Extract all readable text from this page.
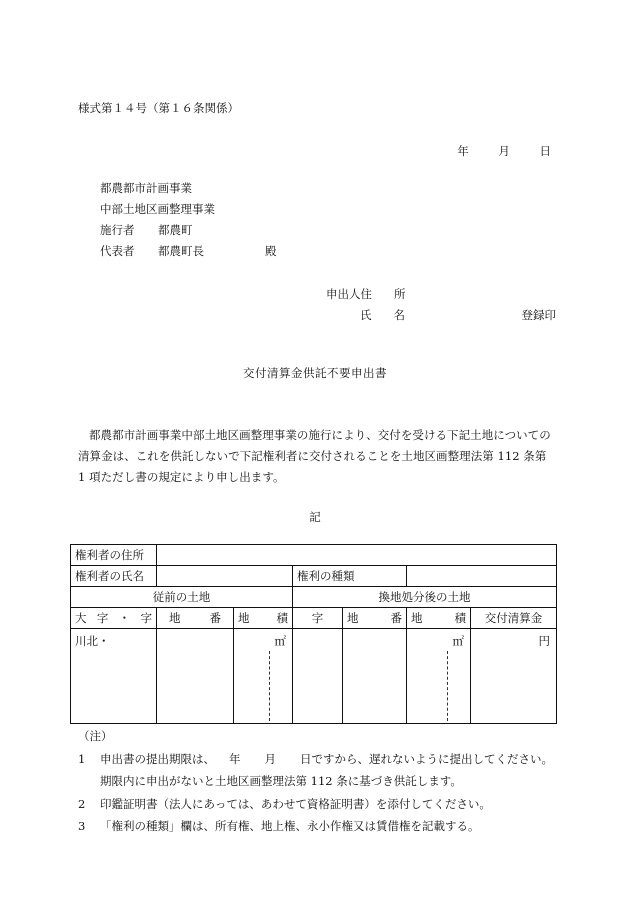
様式第１４号（第１６条関係）
年	月	日
都農都市計画事業
中部土地区画整理事業
施行者 都農町
代表者 都農町長	殿
申出人住 所
氏 名	登録印
交付清算金供託不要申出書
都農都市計画事業中部土地区画整理事業の施行により、交付を受ける下記土地についての清算金は、これを供託しないで下記権利者に交付されることを土地区画整理法第 112 条第 1 項ただし書の規定により申し出ます。
記
権利者の住所						
権利者の氏名			権利の種類			
従前の土地			換地処分後の土地			

大 字 ・ 字	地 番	地 積	字	地 番	地 積	交付清算金
川北・		㎡			㎡	円
（注）
1 申出書の提出期限は、 年 月 日ですから、遅れないように提出してください。
期限内に申出がないと土地区画整理法第 112 条に基づき供託します。
2 印鑑証明書（法人にあっては、あわせて資格証明書）を添付してください。
3 「権利の種類」欄は、所有権、地上権、永小作権又は賃借権を記載する。
